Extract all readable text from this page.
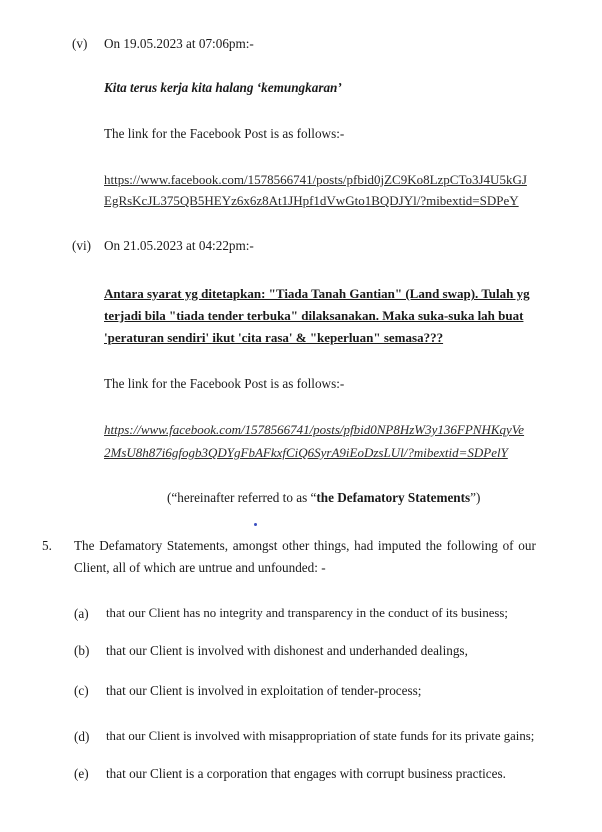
(v) On 19.05.2023 at 07:06pm:-
Kita terus kerja kita halang ‘kemungkaran’
The link for the Facebook Post is as follows:-
https://www.facebook.com/1578566741/posts/pfbid0jZC9Ko8LzpCTo3J4U5kGJ
EgRsKcJL375QB5HEYz6x6z8At1JHpf1dVwGto1BQDJYl/?mibextid=SDPeY
(vi) On 21.05.2023 at 04:22pm:-
Antara syarat yg ditetapkan: "Tiada Tanah Gantian" (Land swap). Tulah yg
terjadi bila "tiada tender terbuka" dilaksanakan. Maka suka-suka lah buat
'peraturan sendiri' ikut 'cita rasa' & "keperluan" semasa???
The link for the Facebook Post is as follows:-
https://www.facebook.com/1578566741/posts/pfbid0NP8HzW3y136FPNHKqyVe
2MsU8h87i6gfogb3QDYgFbAFkxfCiQ6SyrA9iEoDzsLUl/?mibextid=SDPelY
(“hereinafter referred to as “the Defamatory Statements”)
5. The Defamatory Statements, amongst other things, had imputed the following of our
Client, all of which are untrue and unfounded: -
(a) that our Client has no integrity and transparency in the conduct of its business;
(b) that our Client is involved with dishonest and underhanded dealings,
(c) that our Client is involved in exploitation of tender-process;
(d) that our Client is involved with misappropriation of state funds for its private gains;
(e) that our Client is a corporation that engages with corrupt business practices.
